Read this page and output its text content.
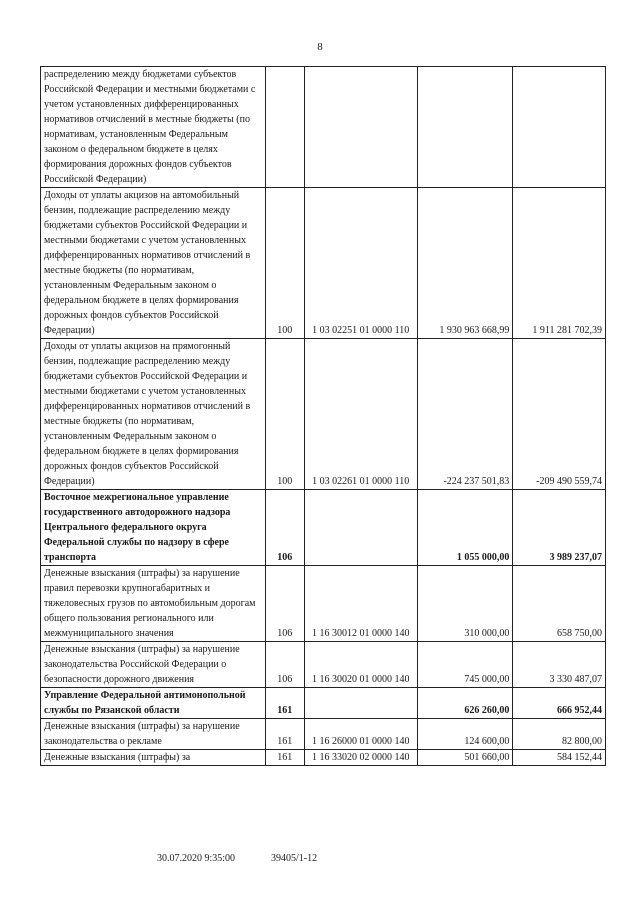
8
распределению между бюджетами субъектов Российской Федерации и местными бюджетами с учетом установленных дифференцированных нормативов отчислений в местные бюджеты (по нормативам, установленным Федеральным законом о федеральном бюджете в целях формирования дорожных фондов субъектов Российской Федерации)				
Доходы от уплаты акцизов на автомобильный бензин, подлежащие распределению между бюджетами субъектов Российской Федерации и местными бюджетами с учетом установленных дифференцированных нормативов отчислений в местные бюджеты (по нормативам, установленным Федеральным законом о федеральном бюджете в целях формирования дорожных фондов субъектов Российской Федерации)	100	1 03 02251 01 0000 110	1 930 963 668,99	1 911 281 702,39
Доходы от уплаты акцизов на прямогонный бензин, подлежащие распределению между бюджетами субъектов Российской Федерации и местными бюджетами с учетом установленных дифференцированных нормативов отчислений в местные бюджеты (по нормативам, установленным Федеральным законом о федеральном бюджете в целях формирования дорожных фондов субъектов Российской Федерации)	100	1 03 02261 01 0000 110	-224 237 501,83	-209 490 559,74
Восточное межрегиональное управление государственного автодорожного надзора Центрального федерального округа Федеральной службы по надзору в сфере транспорта	106		1 055 000,00	3 989 237,07
Денежные взыскания (штрафы) за нарушение правил перевозки крупногабаритных и тяжеловесных грузов по автомобильным дорогам общего пользования регионального или межмуниципального значения	106	1 16 30012 01 0000 140	310 000,00	658 750,00
Денежные взыскания (штрафы) за нарушение законодательства Российской Федерации о безопасности дорожного движения	106	1 16 30020 01 0000 140	745 000,00	3 330 487,07
Управление Федеральной антимонопольной службы по Рязанской области	161		626 260,00	666 952,44
Денежные взыскания (штрафы) за нарушение законодательства о рекламе	161	1 16 26000 01 0000 140	124 600,00	82 800,00
Денежные взыскания (штрафы) за	161	1 16 33020 02 0000 140	501 660,00	584 152,44
30.07.2020 9:35:00	39405/1-12
